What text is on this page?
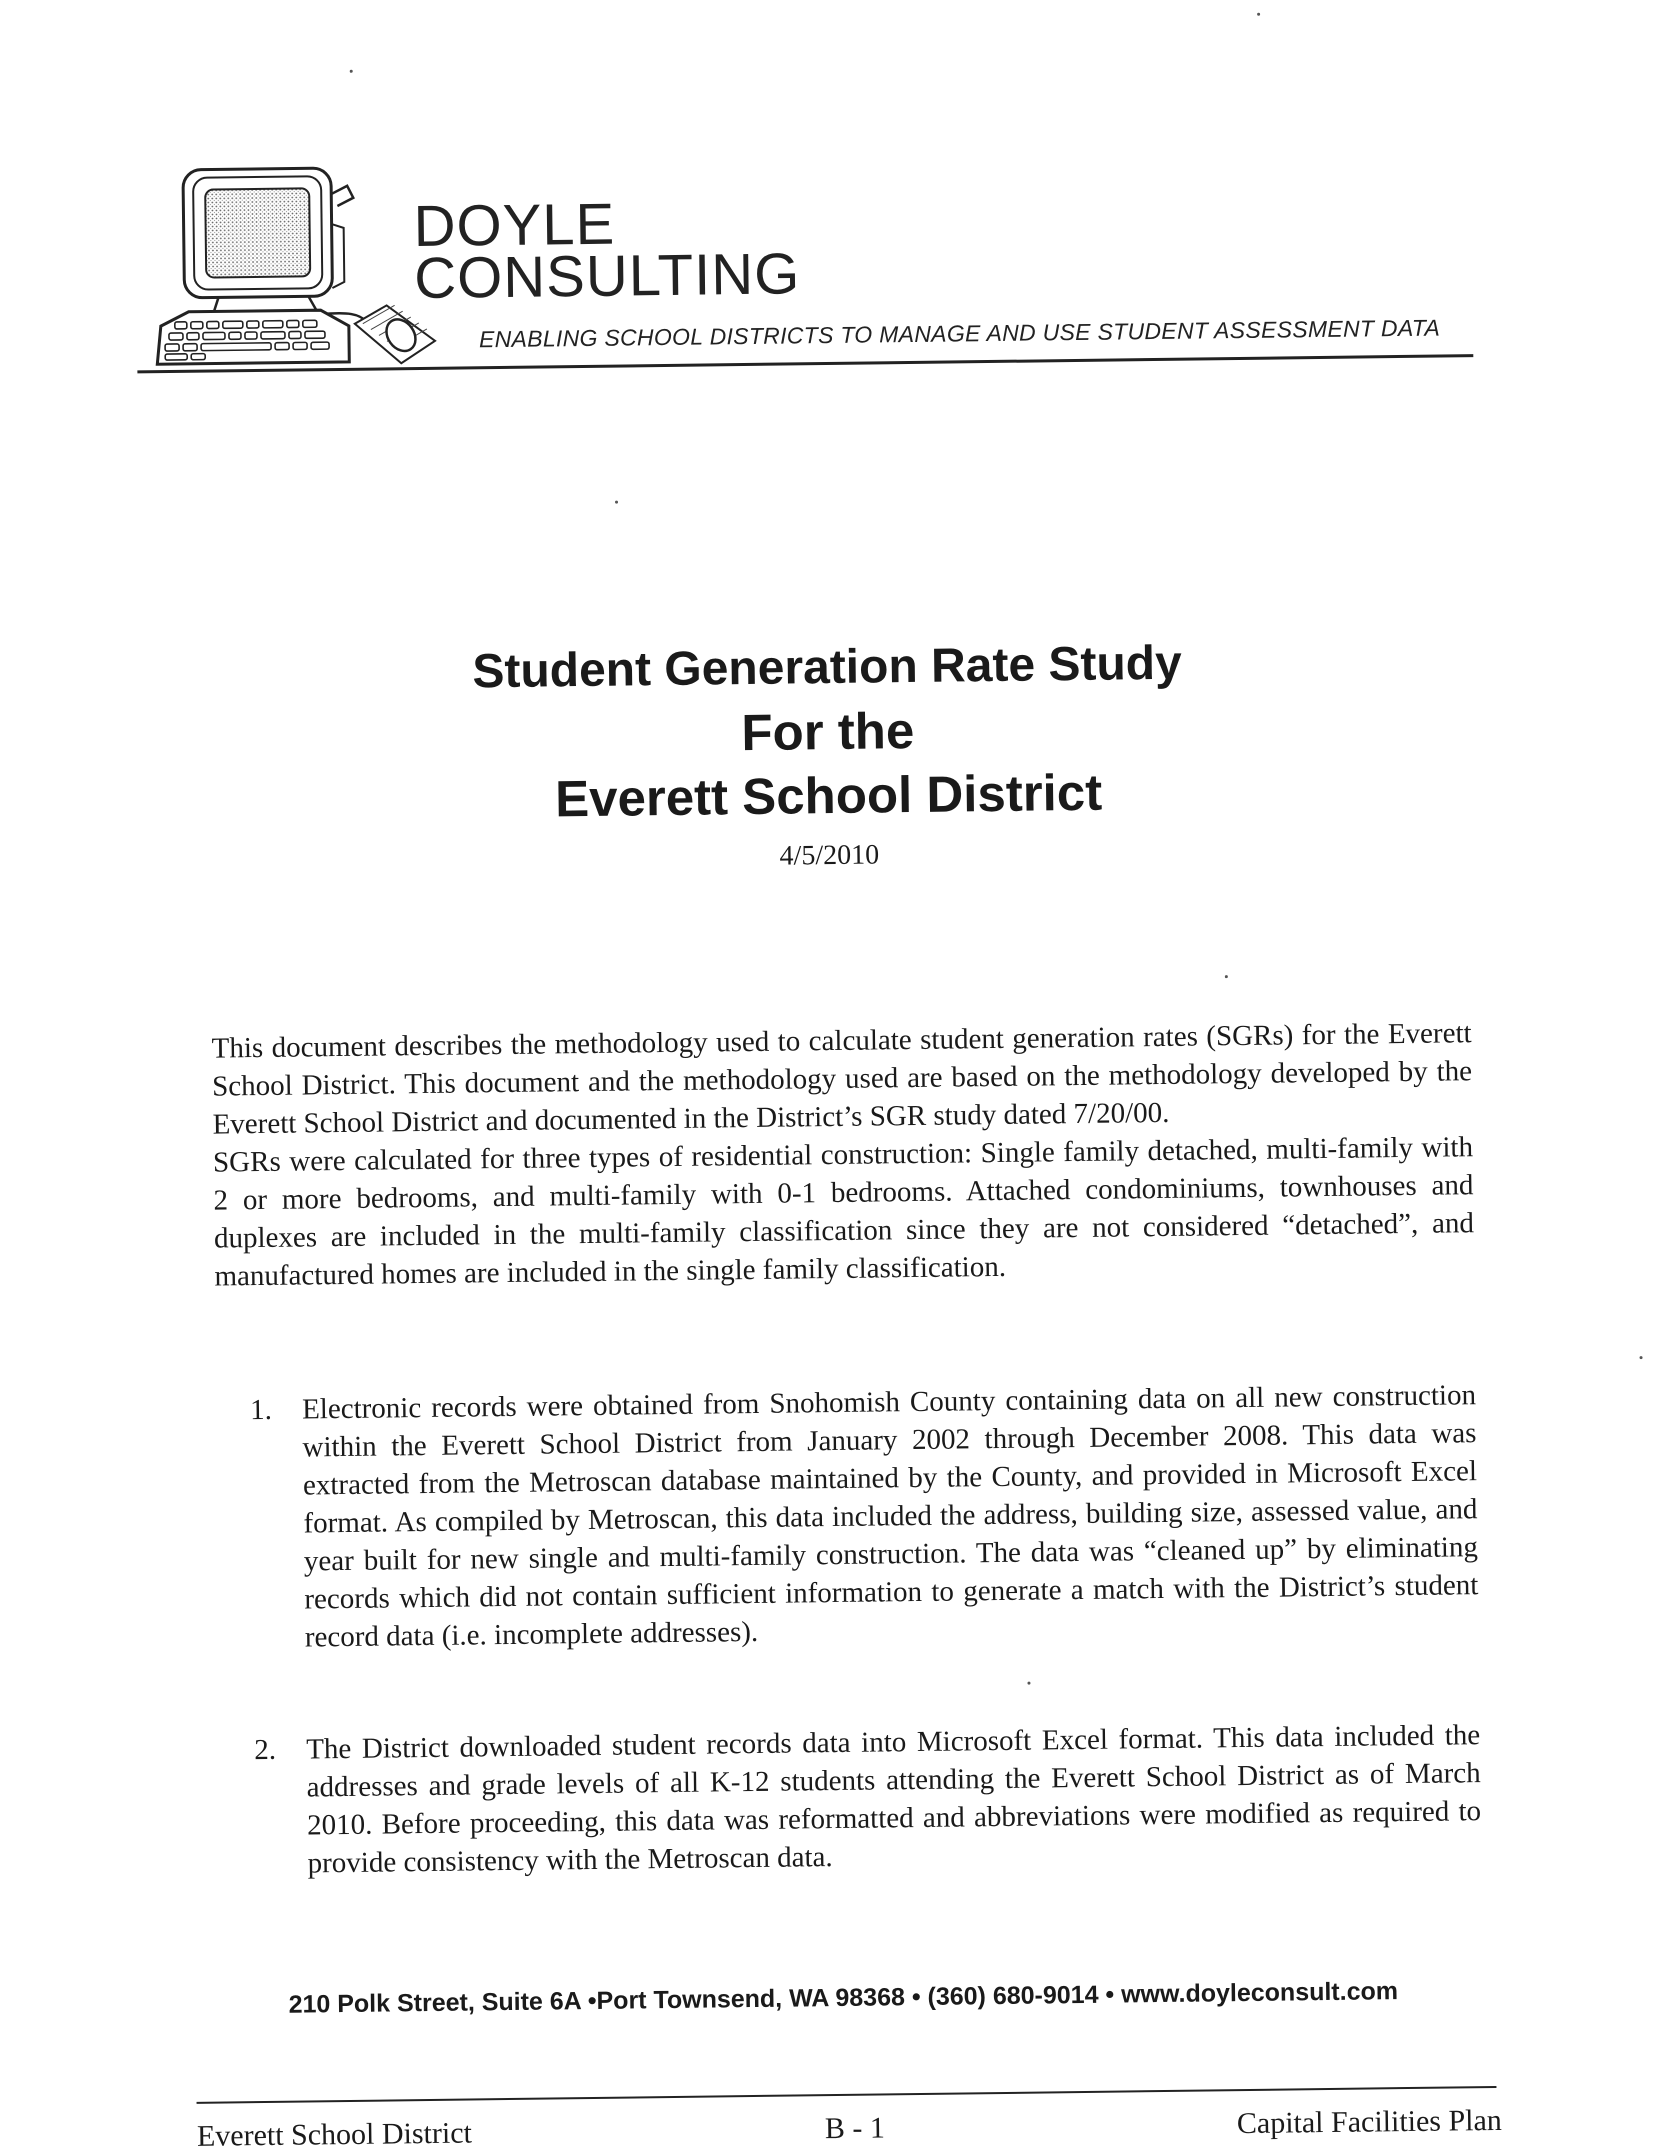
DOYLE
CONSULTING
ENABLING SCHOOL DISTRICTS TO MANAGE AND USE STUDENT ASSESSMENT DATA

Student Generation Rate Study

For the

Everett School District

4/5/2010

This document describes the methodology used to calculate student generation rates (SGRs) for the Everett School District. This document and the methodology used are based on the methodology developed by the Everett School District and documented in the District’s SGR study dated 7/20/00.

SGRs were calculated for three types of residential construction: Single family detached, multi-family with 2 or more bedrooms, and multi-family with 0-1 bedrooms. Attached condominiums, townhouses and duplexes are included in the multi-family classification since they are not considered “detached”, and manufactured homes are included in the single family classification.

1.	Electronic records were obtained from Snohomish County containing data on all new construction within the Everett School District from January 2002 through December 2008. This data was extracted from the Metroscan database maintained by the County, and provided in Microsoft Excel format. As compiled by Metroscan, this data included the address, building size, assessed value, and year built for new single and multi-family construction. The data was “cleaned up” by eliminating records which did not contain sufficient information to generate a match with the District’s student record data (i.e. incomplete addresses).
2.	The District downloaded student records data into Microsoft Excel format. This data included the addresses and grade levels of all K-12 students attending the Everett School District as of March 2010. Before proceeding, this data was reformatted and abbreviations were modified as required to provide consistency with the Metroscan data.
210 Polk Street, Suite 6A •Port Townsend, WA 98368 • (360) 680-9014 • www.doyleconsult.com
Everett School District	B - 1	Capital Facilities Plan
